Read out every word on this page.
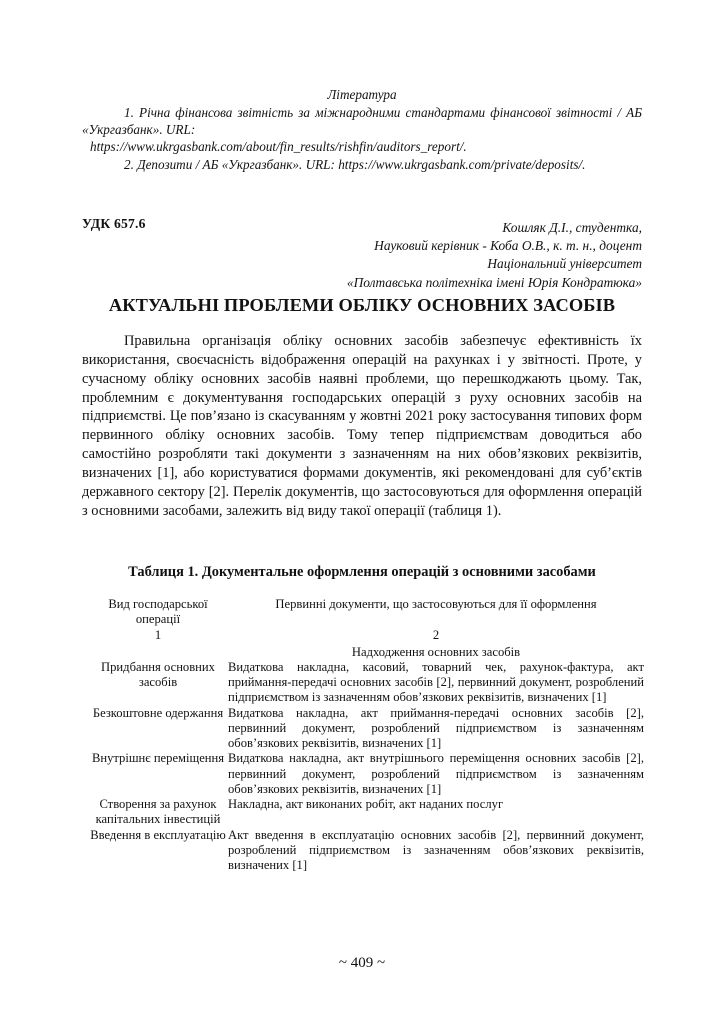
Література
1. Річна фінансова звітність за міжнародними стандартами фінансової звітності / АБ «Укргазбанк». URL:
https://www.ukrgasbank.com/about/fin_results/rishfin/auditors_report/.
2. Депозити / АБ «Укргазбанк». URL: https://www.ukrgasbank.com/private/deposits/.
УДК 657.6	Кошляк Д.І., студентка,
Науковий керівник - Коба О.В., к. т. н., доцент
Національний університет
«Полтавська політехніка імені Юрія Кондратюка»
АКТУАЛЬНІ ПРОБЛЕМИ ОБЛІКУ ОСНОВНИХ ЗАСОБІВ
Правильна організація обліку основних засобів забезпечує ефективність їх використання, своєчасність відображення операцій на рахунках і у звітності. Проте, у сучасному обліку основних засобів наявні проблеми, що перешкоджають цьому. Так, проблемним є документування господарських операцій з руху основних засобів на підприємстві. Це пов’язано із скасуванням у жовтні 2021 року застосування типових форм первинного обліку основних засобів. Тому тепер підприємствам доводиться або самостійно розробляти такі документи з зазначенням на них обов’язкових реквізитів, визначених [1], або користуватися формами документів, які рекомендовані для суб’єктів державного сектору [2]. Перелік документів, що застосовуються для оформлення операцій з основними засобами, залежить від виду такої операції (таблиця 1).
Таблиця 1. Документальне оформлення операцій з основними засобами
Вид господарської операції	Первинні документи, що застосовуються для її оформлення
1	2
	Надходження основних засобів
Придбання основних засобів	Видаткова накладна, касовий, товарний чек, рахунок-фактура, акт приймання-передачі основних засобів [2], первинний документ, розроблений підприємством із зазначенням обов’язкових реквізитів, визначених [1]
Безкоштовне одержання	Видаткова накладна, акт приймання-передачі основних засобів [2], первинний документ, розроблений підприємством із зазначенням обов’язкових реквізитів, визначених [1]
Внутрішнє переміщення	Видаткова накладна, акт внутрішнього переміщення основних засобів [2], первинний документ, розроблений підприємством із зазначенням обов’язкових реквізитів, визначених [1]
Створення за рахунок капітальних інвестицій	Накладна, акт виконаних робіт, акт наданих послуг
Введення в експлуатацію	Акт введення в експлуатацію основних засобів [2], первинний документ, розроблений підприємством із зазначенням обов’язкових реквізитів, визначених [1]
~ 409 ~
